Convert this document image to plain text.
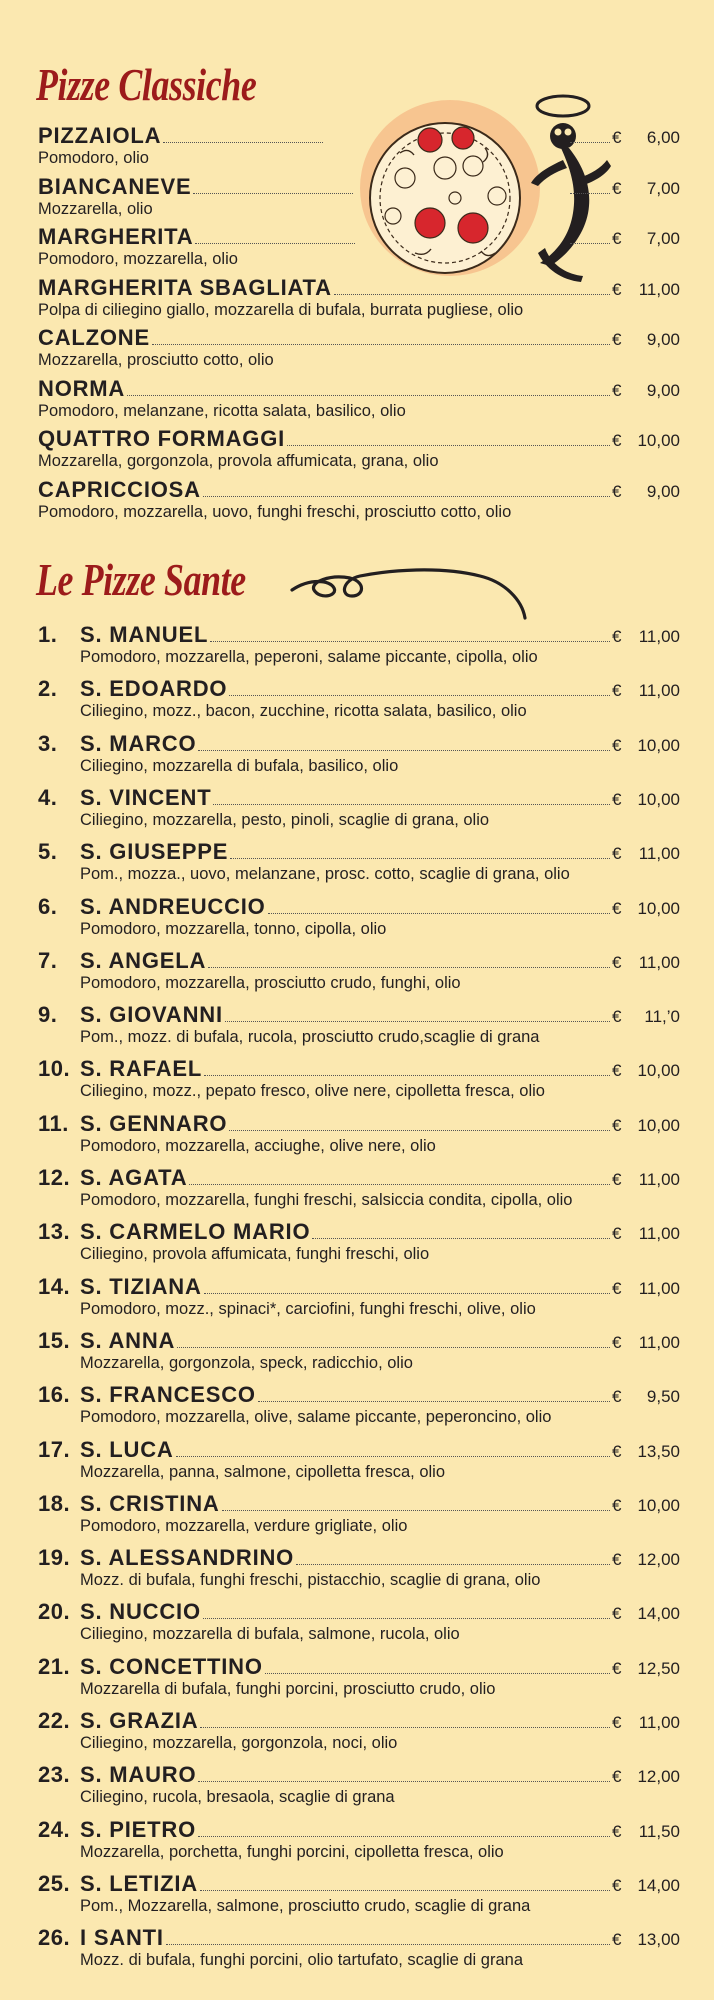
Pizze Classiche
PIZZAIOLA	€ 6,00
Pomodoro, olio
BIANCANEVE	€ 7,00
Mozzarella, olio
MARGHERITA	€ 7,00
Pomodoro, mozzarella, olio
MARGHERITA SBAGLIATA	€ 11,00
Polpa di ciliegino giallo, mozzarella di bufala, burrata pugliese, olio
CALZONE	€ 9,00
Mozzarella, prosciutto cotto, olio
NORMA	€ 9,00
Pomodoro, melanzane, ricotta salata, basilico, olio
QUATTRO FORMAGGI	€ 10,00
Mozzarella, gorgonzola, provola affumicata, grana, olio
CAPRICCIOSA	€ 9,00
Pomodoro, mozzarella, uovo, funghi freschi, prosciutto cotto, olio
Le Pizze Sante
1.	S. MANUEL	€ 11,00
Pomodoro, mozzarella, peperoni, salame piccante, cipolla, olio
2.	S. EDOARDO	€ 11,00
Ciliegino, mozz., bacon, zucchine, ricotta salata, basilico, olio
3.	S. MARCO	€ 10,00
Ciliegino, mozzarella di bufala, basilico, olio
4.	S. VINCENT	€ 10,00
Ciliegino, mozzarella, pesto, pinoli, scaglie di grana, olio
5.	S. GIUSEPPE	€ 11,00
Pom., mozza., uovo, melanzane, prosc. cotto, scaglie di grana, olio
6.	S. ANDREUCCIO	€ 10,00
Pomodoro, mozzarella, tonno, cipolla, olio
7.	S. ANGELA	€ 11,00
Pomodoro, mozzarella, prosciutto crudo, funghi, olio
9.	S. GIOVANNI	€ 11,’0
Pom., mozz. di bufala, rucola, prosciutto crudo,scaglie di grana
10. S. RAFAEL	€ 10,00
Ciliegino, mozz., pepato fresco, olive nere, cipolletta fresca, olio
11. S. GENNARO	€ 10,00
Pomodoro, mozzarella, acciughe, olive nere, olio
12. S. AGATA	€ 11,00
Pomodoro, mozzarella, funghi freschi, salsiccia condita, cipolla, olio
13. S. CARMELO MARIO	€ 11,00
Ciliegino, provola affumicata, funghi freschi, olio
14. S. TIZIANA	€ 11,00
Pomodoro, mozz., spinaci*, carciofini, funghi freschi, olive, olio
15. S. ANNA	€ 11,00
Mozzarella, gorgonzola, speck, radicchio, olio
16. S. FRANCESCO	€ 9,50
Pomodoro, mozzarella, olive, salame piccante, peperoncino, olio
17. S. LUCA	€ 13,50
Mozzarella, panna, salmone, cipolletta fresca, olio
18. S. CRISTINA	€ 10,00
Pomodoro, mozzarella, verdure grigliate, olio
19. S. ALESSANDRINO	€ 12,00
Mozz. di bufala, funghi freschi, pistacchio, scaglie di grana, olio
20. S. NUCCIO	€ 14,00
Ciliegino, mozzarella di bufala, salmone, rucola, olio
21. S. CONCETTINO	€ 12,50
Mozzarella di bufala, funghi porcini, prosciutto crudo, olio
22. S. GRAZIA	€ 11,00
Ciliegino, mozzarella, gorgonzola, noci, olio
23. S. MAURO	€ 12,00
Ciliegino, rucola, bresaola, scaglie di grana
24. S. PIETRO	€ 11,50
Mozzarella, porchetta, funghi porcini, cipolletta fresca, olio
25. S. LETIZIA	€ 14,00
Pom., Mozzarella, salmone, prosciutto crudo, scaglie di grana
26. I SANTI	€ 13,00
Mozz. di bufala, funghi porcini, olio tartufato, scaglie di grana
